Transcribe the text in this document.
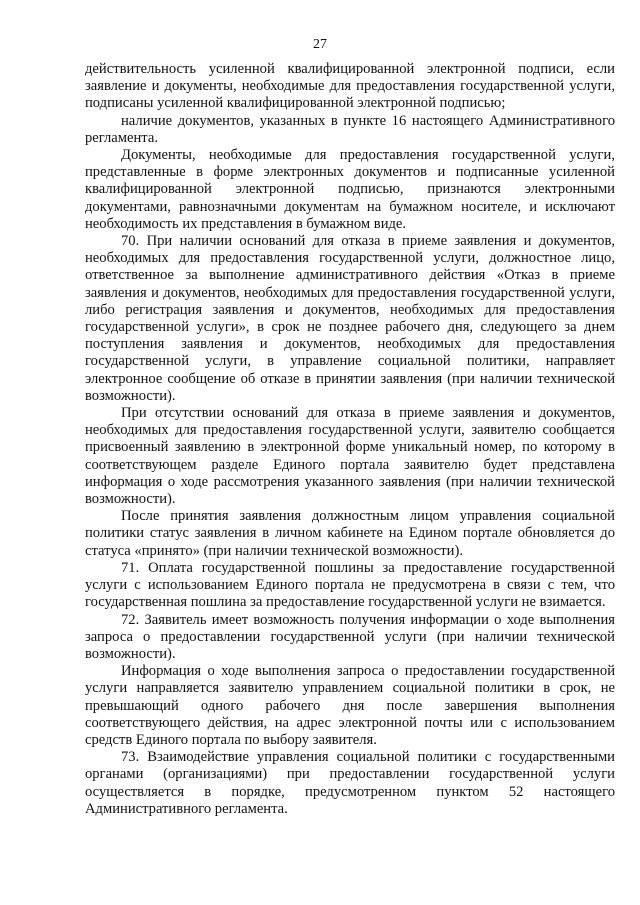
27

действительность усиленной квалифицированной электронной подписи, если заявление и документы, необходимые для предоставления государственной услуги, подписаны усиленной квалифицированной электронной подписью;

наличие документов, указанных в пункте 16 настоящего Административного регламента.

Документы, необходимые для предоставления государственной услуги, представленные в форме электронных документов и подписанные усиленной квалифицированной электронной подписью, признаются электронными документами, равнозначными документам на бумажном носителе, и исключают необходимость их представления в бумажном виде.

70. При наличии оснований для отказа в приеме заявления и документов, необходимых для предоставления государственной услуги, должностное лицо, ответственное за выполнение административного действия «Отказ в приеме заявления и документов, необходимых для предоставления государственной услуги, либо регистрация заявления и документов, необходимых для предоставления государственной услуги», в срок не позднее рабочего дня, следующего за днем поступления заявления и документов, необходимых для предоставления государственной услуги, в управление социальной политики, направляет электронное сообщение об отказе в принятии заявления (при наличии технической возможности).

При отсутствии оснований для отказа в приеме заявления и документов, необходимых для предоставления государственной услуги, заявителю сообщается присвоенный заявлению в электронной форме уникальный номер, по которому в соответствующем разделе Единого портала заявителю будет представлена информация о ходе рассмотрения указанного заявления (при наличии технической возможности).

После принятия заявления должностным лицом управления социальной политики статус заявления в личном кабинете на Едином портале обновляется до статуса «принято» (при наличии технической возможности).

71. Оплата государственной пошлины за предоставление государственной услуги с использованием Единого портала не предусмотрена в связи с тем, что государственная пошлина за предоставление государственной услуги не взимается.

72. Заявитель имеет возможность получения информации о ходе выполнения запроса о предоставлении государственной услуги (при наличии технической возможности).

Информация о ходе выполнения запроса о предоставлении государственной услуги направляется заявителю управлением социальной политики в срок, не превышающий одного рабочего дня после завершения выполнения соответствующего действия, на адрес электронной почты или с использованием средств Единого портала по выбору заявителя.

73. Взаимодействие управления социальной политики с государственными органами (организациями) при предоставлении государственной услуги осуществляется в порядке, предусмотренном пунктом 52 настоящего Административного регламента.
